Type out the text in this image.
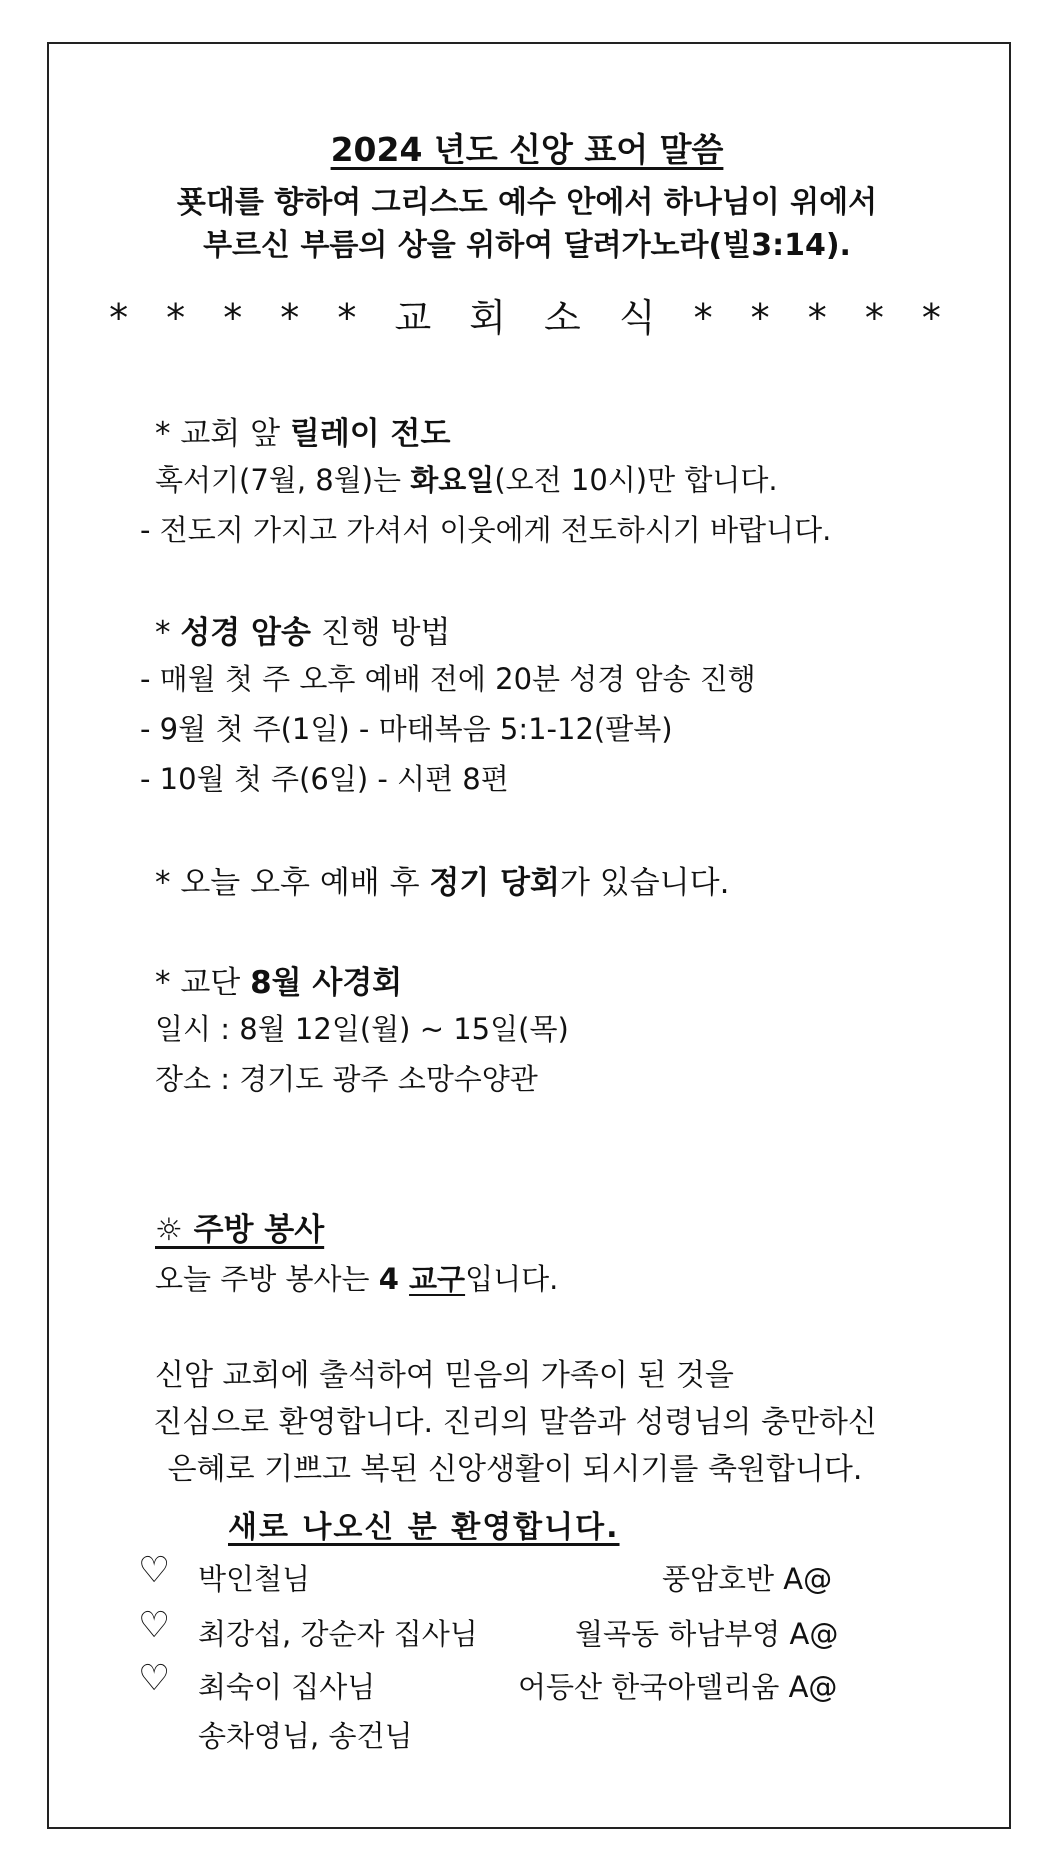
2024 년도 신앙 표어 말씀
푯대를 향하여 그리스도 예수 안에서 하나님이 위에서
부르신 부름의 상을 위하여 달려가노라(빌3:14).
* * * * * 교 회 소 식 * * * * *
* 교회 앞 릴레이 전도
혹서기(7월, 8월)는 화요일(오전 10시)만 합니다.
- 전도지 가지고 가셔서 이웃에게 전도하시기 바랍니다.
* 성경 암송 진행 방법
- 매월 첫 주 오후 예배 전에 20분 성경 암송 진행
- 9월 첫 주(1일) - 마태복음 5:1-12(팔복)
- 10월 첫 주(6일) - 시편 8편
* 오늘 오후 예배 후 정기 당회가 있습니다.
* 교단 8월 사경회
일시 : 8월 12일(월) ~ 15일(목)
장소 : 경기도 광주 소망수양관
☼ 주방 봉사
오늘 주방 봉사는 4 교구입니다.
신암 교회에 출석하여 믿음의 가족이 된 것을
진심으로 환영합니다. 진리의 말씀과 성령님의 충만하신
은혜로 기쁘고 복된 신앙생활이 되시기를 축원합니다.
새로 나오신 분 환영합니다.
♡ 박인철님	풍암호반 A@
♡ 최강섭, 강순자 집사님	월곡동 하남부영 A@
♡ 최숙이 집사님	어등산 한국아델리움 A@
송차영님, 송건님
